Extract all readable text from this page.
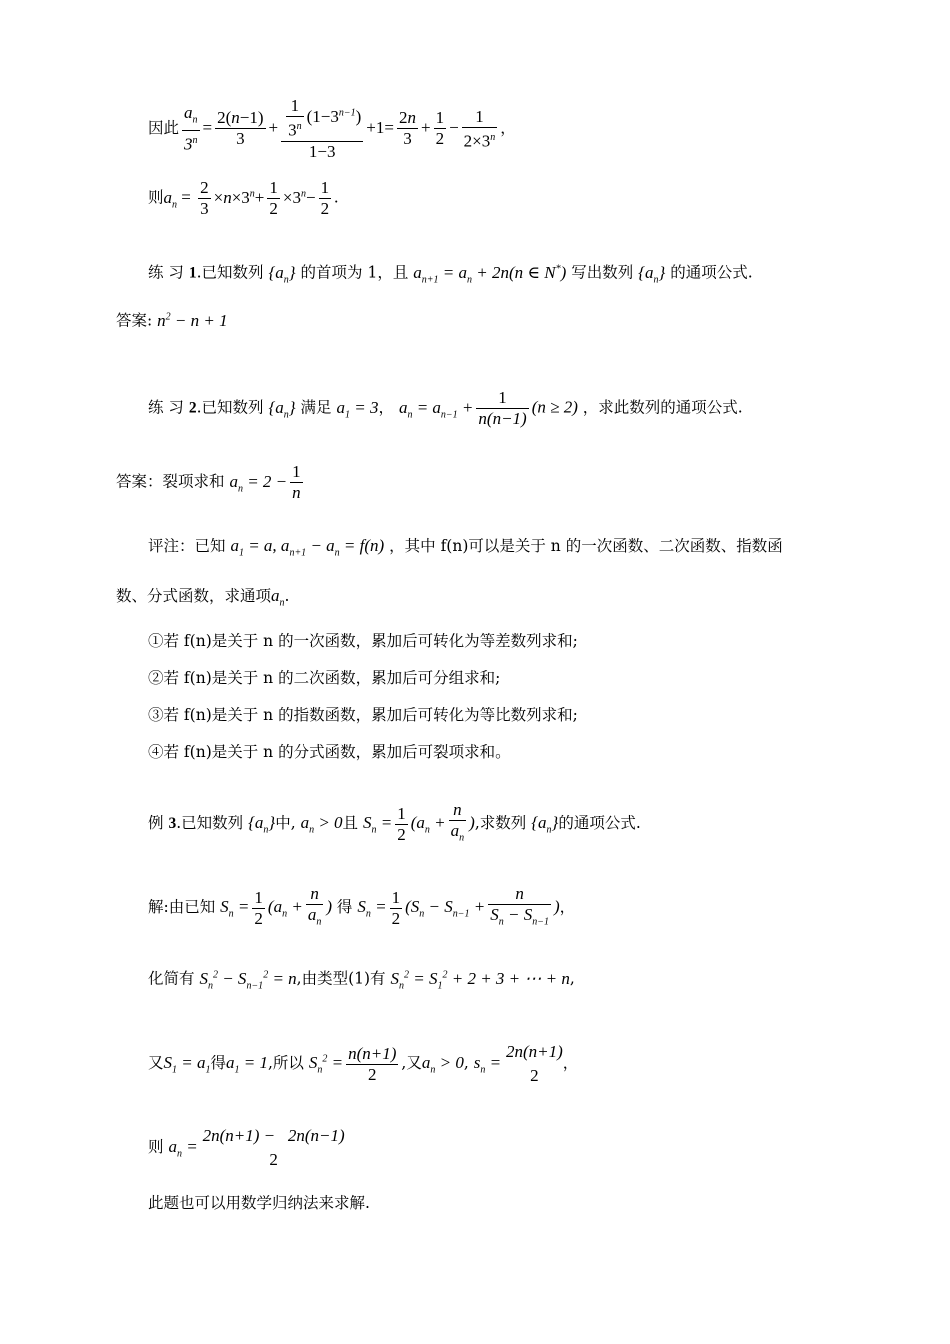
因此 $\frac{a_n}{3^n} = \frac{2(n-1)}{3} + \frac{\frac{1}{3^n} (1-3^{n-1})}{1-3} +1= \frac{2n}{3} + \frac{1}{2} - \frac{1}{2\times 3^n}$ ，
则$a_n = \frac{2}{3} \times n\times 3^n+ \frac{1}{2} \times 3^n- \frac{1}{2}$ .
练 习 1.已知数列 $\{a_n\}$ 的首项为 1，且 $a_{n+1} = a_n + 2n(n$ ∈ N*) 写出数列 $\{a_n\}$ 的通项公式.
答案: $n^2 - n + 1$
练 习 2.已知数列 $\{a_n\}$ 满足 $a_1 = 3$， $a_n = a_{n-1} + \frac{1}{n(n-1)} (n \ge 2)$ ，求此数列的通项公式.
答案：裂项求和 $a_n = 2 - \frac{1}{n}$
评注：已知 $a_1 = a$, $a_{n+1} - a_n = f(n)$ ，其中 f(n)可以是关于 n 的一次函数、二次函数、指数函
数、分式函数，求通项$a_n$.
①若 f(n)是关于 n 的一次函数，累加后可转化为等差数列求和;
②若 f(n)是关于 n 的二次函数，累加后可分组求和;
③若 f(n)是关于 n 的指数函数，累加后可转化为等比数列求和;
④若 f(n)是关于 n 的分式函数，累加后可裂项求和。
例 3.已知数列 $\{a_n\}$中, $a_n > 0$且 $S_n = \frac{1}{2} (a_n + \frac{n}{a_n}$ ),求数列 $\{a_n\}$的通项公式.
解:由已知 $S_n = \frac{1}{2} (a_n + \frac{n}{a_n}$ ) 得 $S_n = \frac{1}{2} (S_n - S_{n-1} + \frac{n}{S_n - S_{n-1}}$ )，
化简有 $S_n^2 - S_{n-1}^2 = n$,由类型(1)有 $S_n^2 = S_1^2 + 2 + 3$ + ⋯ + n,
又$S_1 = a_1$得$a_1 = 1$,所以 $S_n^2 = \frac{n(n+1)}{2}$ ,又$a_n > 0$, $s_n$ =
2n(n+1)
2
，
则 $a_n$ =
2n(n+1) −   2n(n−1)
2
此题也可以用数学归纳法来求解.
